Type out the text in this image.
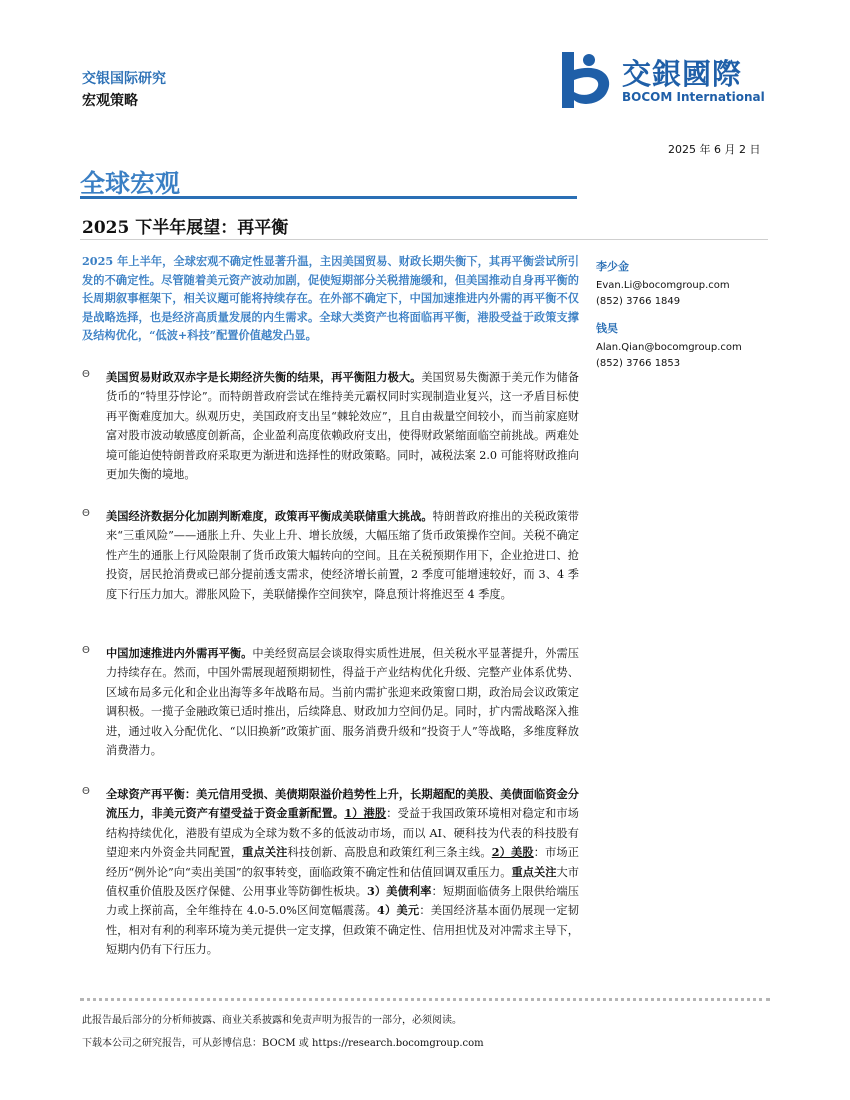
交银国际研究
宏观策略
交銀國際
BOCOM International
2025 年 6 月 2 日
全球宏观
2025 下半年展望：再平衡
2025 年上半年，全球宏观不确定性显著升温，主因美国贸易、财政长期失衡下，其再平衡尝试所引发的不确定性。尽管随着美元资产波动加剧，促使短期部分关税措施缓和，但美国推动自身再平衡的长周期叙事框架下，相关议题可能将持续存在。在外部不确定下，中国加速推进内外需的再平衡不仅是战略选择，也是经济高质量发展的内生需求。全球大类资产也将面临再平衡，港股受益于政策支撑及结构优化，“低波+科技”配置价值越发凸显。
李少金
Evan.Li@bocomgroup.com
(852) 3766 1849
钱昊
Alan.Qian@bocomgroup.com
(852) 3766 1853
Θ 美国贸易财政双赤字是长期经济失衡的结果，再平衡阻力极大。美国贸易失衡源于美元作为储备货币的“特里芬悖论”。而特朗普政府尝试在维持美元霸权同时实现制造业复兴，这一矛盾目标使再平衡难度加大。纵观历史，美国政府支出呈“棘轮效应”，且自由裁量空间较小，而当前家庭财富对股市波动敏感度创新高，企业盈利高度依赖政府支出，使得财政紧缩面临空前挑战。两难处境可能迫使特朗普政府采取更为渐进和选择性的财政策略。同时，减税法案 2.0 可能将财政推向更加失衡的境地。
Θ 美国经济数据分化加剧判断难度，政策再平衡成美联储重大挑战。特朗普政府推出的关税政策带来“三重风险”——通胀上升、失业上升、增长放缓，大幅压缩了货币政策操作空间。关税不确定性产生的通胀上行风险限制了货币政策大幅转向的空间。且在关税预期作用下，企业抢进口、抢投资，居民抢消费或已部分提前透支需求，使经济增长前置，2 季度可能增速较好，而 3、4 季度下行压力加大。滞胀风险下，美联储操作空间狭窄，降息预计将推迟至 4 季度。
Θ 中国加速推进内外需再平衡。中美经贸高层会谈取得实质性进展，但关税水平显著提升，外需压力持续存在。然而，中国外需展现超预期韧性，得益于产业结构优化升级、完整产业体系优势、区域布局多元化和企业出海等多年战略布局。当前内需扩张迎来政策窗口期，政治局会议政策定调积极。一揽子金融政策已适时推出，后续降息、财政加力空间仍足。同时，扩内需战略深入推进，通过收入分配优化、“以旧换新”政策扩面、服务消费升级和“投资于人”等战略，多维度释放消费潜力。
Θ 全球资产再平衡：美元信用受损、美债期限溢价趋势性上升，长期超配的美股、美债面临资金分流压力，非美元资产有望受益于资金重新配置。1）港股：受益于我国政策环境相对稳定和市场结构持续优化，港股有望成为全球为数不多的低波动市场，而以 AI、硬科技为代表的科技股有望迎来内外资金共同配置，重点关注科技创新、高股息和政策红利三条主线。2）美股：市场正经历“例外论”向“卖出美国”的叙事转变，面临政策不确定性和估值回调双重压力。重点关注大市值权重价值股及医疗保健、公用事业等防御性板块。3）美债利率：短期面临债务上限供给端压力或上探前高，全年维持在 4.0-5.0%区间宽幅震荡。4）美元：美国经济基本面仍展现一定韧性，相对有利的利率环境为美元提供一定支撑，但政策不确定性、信用担忧及对冲需求主导下，短期内仍有下行压力。
此报告最后部分的分析师披露、商业关系披露和免责声明为报告的一部分，必须阅读。
下载本公司之研究报告，可从彭博信息：BOCM 或 https://research.bocomgroup.com
